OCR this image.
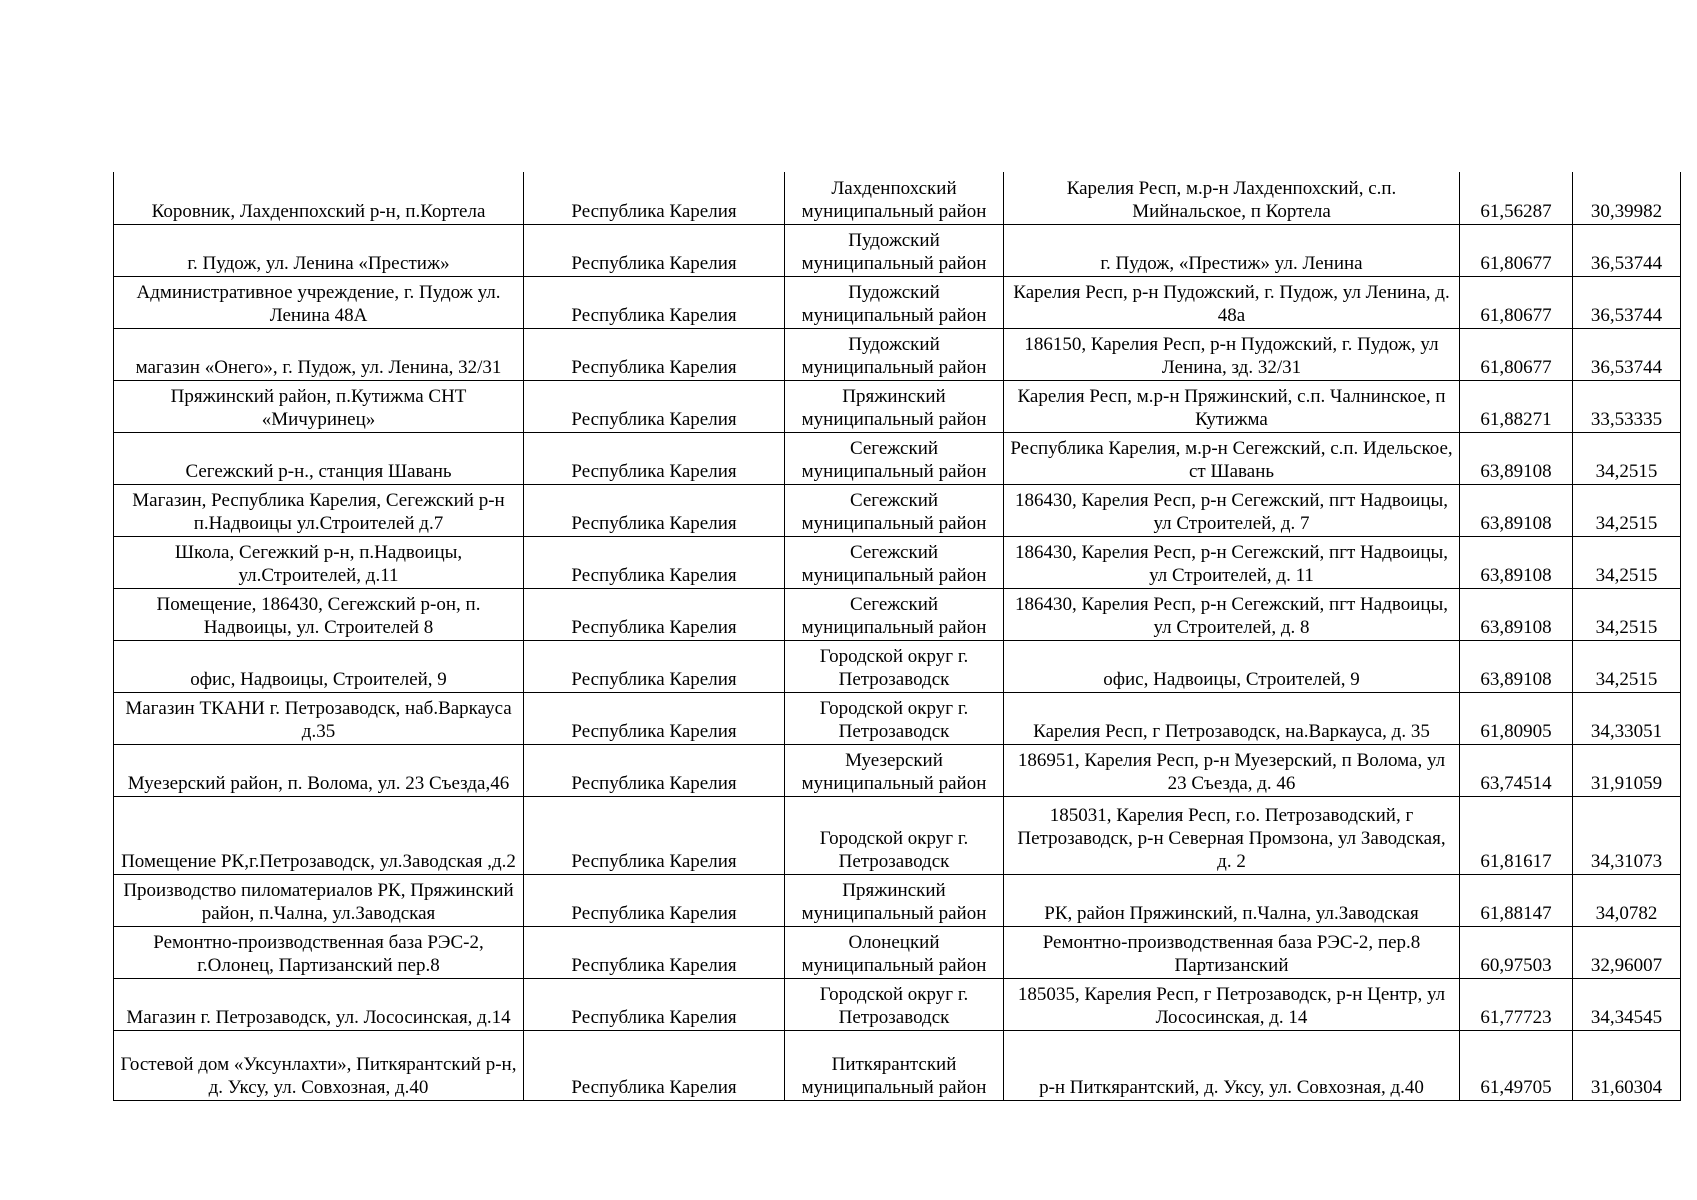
Коровник, Лахденпохский р-н, п.Кортела	Республика Карелия	Лахденпохский муниципальный район	Карелия Респ, м.р-н Лахденпохский, с.п. Мийнальское, п Кортела	61,56287	30,39982
г. Пудож, ул. Ленина «Престиж»	Республика Карелия	Пудожский муниципальный район	г. Пудож, «Престиж» ул. Ленина	61,80677	36,53744
Административное учреждение, г. Пудож ул. Ленина 48А	Республика Карелия	Пудожский муниципальный район	Карелия Респ, р-н Пудожский, г. Пудож, ул Ленина, д. 48а	61,80677	36,53744
магазин «Онего», г. Пудож, ул. Ленина, 32/31	Республика Карелия	Пудожский муниципальный район	186150, Карелия Респ, р-н Пудожский, г. Пудож, ул Ленина, зд. 32/31	61,80677	36,53744
Пряжинский район, п.Кутижма СНТ «Мичуринец»	Республика Карелия	Пряжинский муниципальный район	Карелия Респ, м.р-н Пряжинский, с.п. Чалнинское, п Кутижма	61,88271	33,53335
Сегежский р-н., станция Шавань	Республика Карелия	Сегежский муниципальный район	Республика Карелия, м.р-н Сегежский, с.п. Идельское, ст Шавань	63,89108	34,2515
Магазин, Республика Карелия, Сегежский р-н п.Надвоицы ул.Строителей д.7	Республика Карелия	Сегежский муниципальный район	186430, Карелия Респ, р-н Сегежский, пгт Надвоицы, ул Строителей, д. 7	63,89108	34,2515
Школа, Сегежкий р-н, п.Надвоицы, ул.Строителей, д.11	Республика Карелия	Сегежский муниципальный район	186430, Карелия Респ, р-н Сегежский, пгт Надвоицы, ул Строителей, д. 11	63,89108	34,2515
Помещение, 186430, Сегежский р-он, п. Надвоицы, ул. Строителей 8	Республика Карелия	Сегежский муниципальный район	186430, Карелия Респ, р-н Сегежский, пгт Надвоицы, ул Строителей, д. 8	63,89108	34,2515
офис, Надвоицы, Строителей, 9	Республика Карелия	Городской округ г. Петрозаводск	офис, Надвоицы, Строителей, 9	63,89108	34,2515
Магазин ТКАНИ г. Петрозаводск, наб.Варкауса д.35	Республика Карелия	Городской округ г. Петрозаводск	Карелия Респ, г Петрозаводск, на.Варкауса, д. 35	61,80905	34,33051
Муезерский район, п. Волома, ул. 23 Съезда,46	Республика Карелия	Муезерский муниципальный район	186951, Карелия Респ, р-н Муезерский, п Волома, ул 23 Съезда, д. 46	63,74514	31,91059
Помещение РК,г.Петрозаводск, ул.Заводская ,д.2	Республика Карелия	Городской округ г. Петрозаводск	185031, Карелия Респ, г.о. Петрозаводский, г Петрозаводск, р-н Северная Промзона, ул Заводская, д. 2	61,81617	34,31073
Производство пиломатериалов РК, Пряжинский район, п.Чална, ул.Заводская	Республика Карелия	Пряжинский муниципальный район	РК, район Пряжинский, п.Чална, ул.Заводская	61,88147	34,0782
Ремонтно-производственная база РЭС-2, г.Олонец, Партизанский пер.8	Республика Карелия	Олонецкий муниципальный район	Ремонтно-производственная база РЭС-2, пер.8 Партизанский	60,97503	32,96007
Магазин г. Петрозаводск, ул. Лососинская, д.14	Республика Карелия	Городской округ г. Петрозаводск	185035, Карелия Респ, г Петрозаводск, р-н Центр, ул Лососинская, д. 14	61,77723	34,34545
Гостевой дом «Уксунлахти», Питкярантский р-н, д. Уксу, ул. Совхозная, д.40	Республика Карелия	Питкярантский муниципальный район	р-н Питкярантский, д. Уксу, ул. Совхозная, д.40	61,49705	31,60304
